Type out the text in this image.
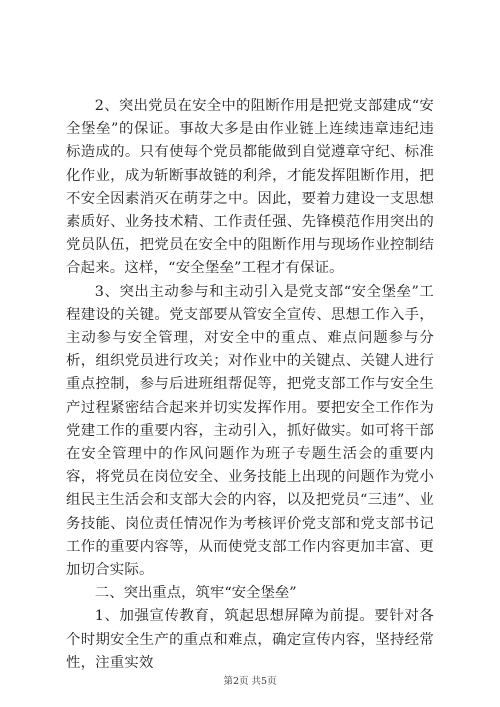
2、突出党员在安全中的阻断作用是把党支部建成“安全堡垒”的保证。事故大多是由作业链上连续违章违纪违标造成的。只有使每个党员都能做到自觉遵章守纪、标准化作业，成为斩断事故链的利斧，才能发挥阻断作用，把不安全因素消灭在萌芽之中。因此，要着力建设一支思想素质好、业务技术精、工作责任强、先锋模范作用突出的党员队伍，把党员在安全中的阻断作用与现场作业控制结合起来。这样，“安全堡垒”工程才有保证。

3、突出主动参与和主动引入是党支部“安全堡垒”工程建设的关键。党支部要从管安全宣传、思想工作入手，主动参与安全管理，对安全中的重点、难点问题参与分析，组织党员进行攻关；对作业中的关键点、关键人进行重点控制，参与后进班组帮促等，把党支部工作与安全生产过程紧密结合起来并切实发挥作用。要把安全工作作为党建工作的重要内容，主动引入，抓好做实。如可将干部在安全管理中的作风问题作为班子专题生活会的重要内容，将党员在岗位安全、业务技能上出现的问题作为党小组民主生活会和支部大会的内容，以及把党员“三违”、业务技能、岗位责任情况作为考核评价党支部和党支部书记工作的重要内容等，从而使党支部工作内容更加丰富、更加切合实际。

二、突出重点，筑牢“安全堡垒”

1、加强宣传教育，筑起思想屏障为前提。要针对各个时期安全生产的重点和难点，确定宣传内容，坚持经常性，注重实效

第2页 共5页
